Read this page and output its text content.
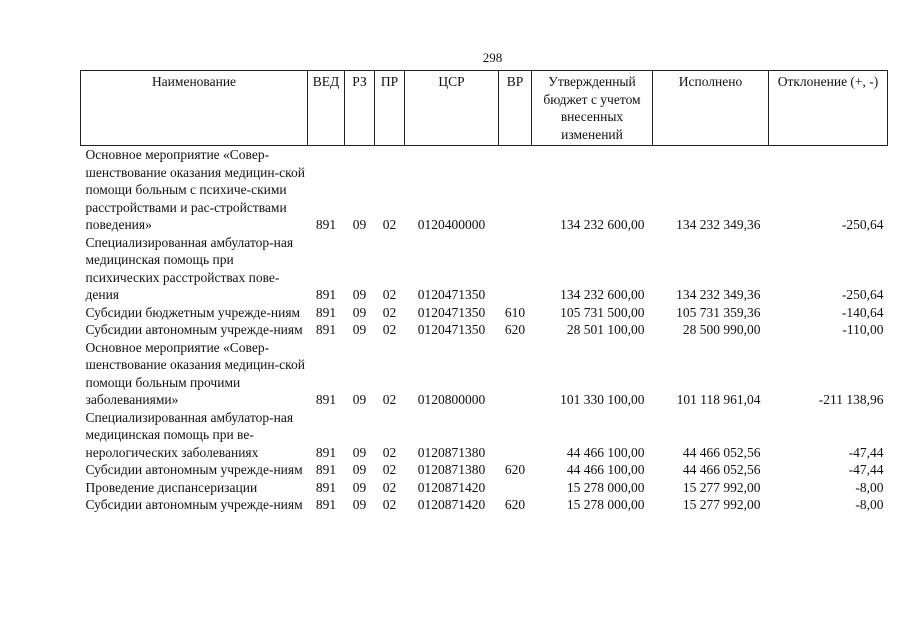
298
Наименование	ВЕД	РЗ	ПР	ЦСР	ВР	Утвержденный бюджет с учетом внесенных изменений	Исполнено	Отклонение (+, -)
Основное мероприятие «Совер-шенствование оказания медицин-ской помощи больным с психиче-скими расстройствами и рас-стройствами поведения»	891	09	02	0120400000		134 232 600,00	134 232 349,36	-250,64
Специализированная амбулатор-ная медицинская помощь при психических расстройствах пове-дения	891	09	02	0120471350		134 232 600,00	134 232 349,36	-250,64
Субсидии бюджетным учрежде-ниям	891	09	02	0120471350	610	105 731 500,00	105 731 359,36	-140,64
Субсидии автономным учрежде-ниям	891	09	02	0120471350	620	28 501 100,00	28 500 990,00	-110,00
Основное мероприятие «Совер-шенствование оказания медицин-ской помощи больным прочими заболеваниями»	891	09	02	0120800000		101 330 100,00	101 118 961,04	-211 138,96
Специализированная амбулатор-ная медицинская помощь при ве-нерологических заболеваниях	891	09	02	0120871380		44 466 100,00	44 466 052,56	-47,44
Субсидии автономным учрежде-ниям	891	09	02	0120871380	620	44 466 100,00	44 466 052,56	-47,44
Проведение диспансеризации	891	09	02	0120871420		15 278 000,00	15 277 992,00	-8,00
Субсидии автономным учрежде-ниям	891	09	02	0120871420	620	15 278 000,00	15 277 992,00	-8,00
